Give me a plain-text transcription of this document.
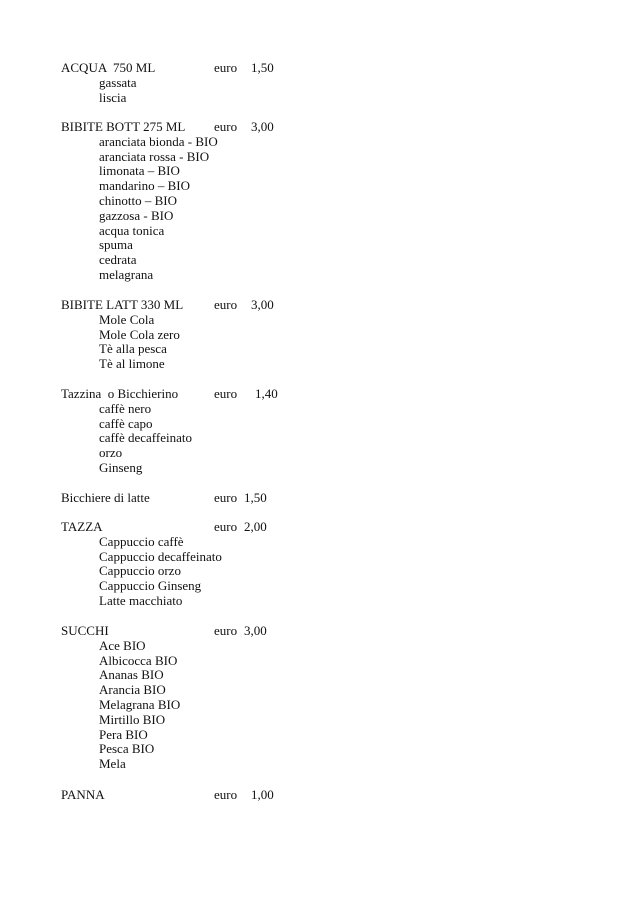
ACQUA  750 ML	euro 1,50
gassata
liscia
BIBITE BOTT 275 ML euro 3,00
aranciata bionda - BIO
aranciata rossa - BIO
limonata – BIO
mandarino – BIO
chinotto – BIO
gazzosa - BIO
acqua tonica
spuma
cedrata
melagrana
BIBITE LATT 330 ML euro 3,00
Mole Cola
Mole Cola zero
Tè alla pesca
Tè al limone
Tazzina  o Bicchierino	euro 1,40
caffè nero
caffè capo
caffè decaffeinato
orzo
Ginseng
Bicchiere di latte	euro 1,50
TAZZA	euro 2,00
Cappuccio caffè
Cappuccio decaffeinato
Cappuccio orzo
Cappuccio Ginseng
Latte macchiato
SUCCHI	euro 3,00
Ace BIO
Albicocca BIO
Ananas BIO
Arancia BIO
Melagrana BIO
Mirtillo BIO
Pera BIO
Pesca BIO
Mela
PANNA	euro 1,00
